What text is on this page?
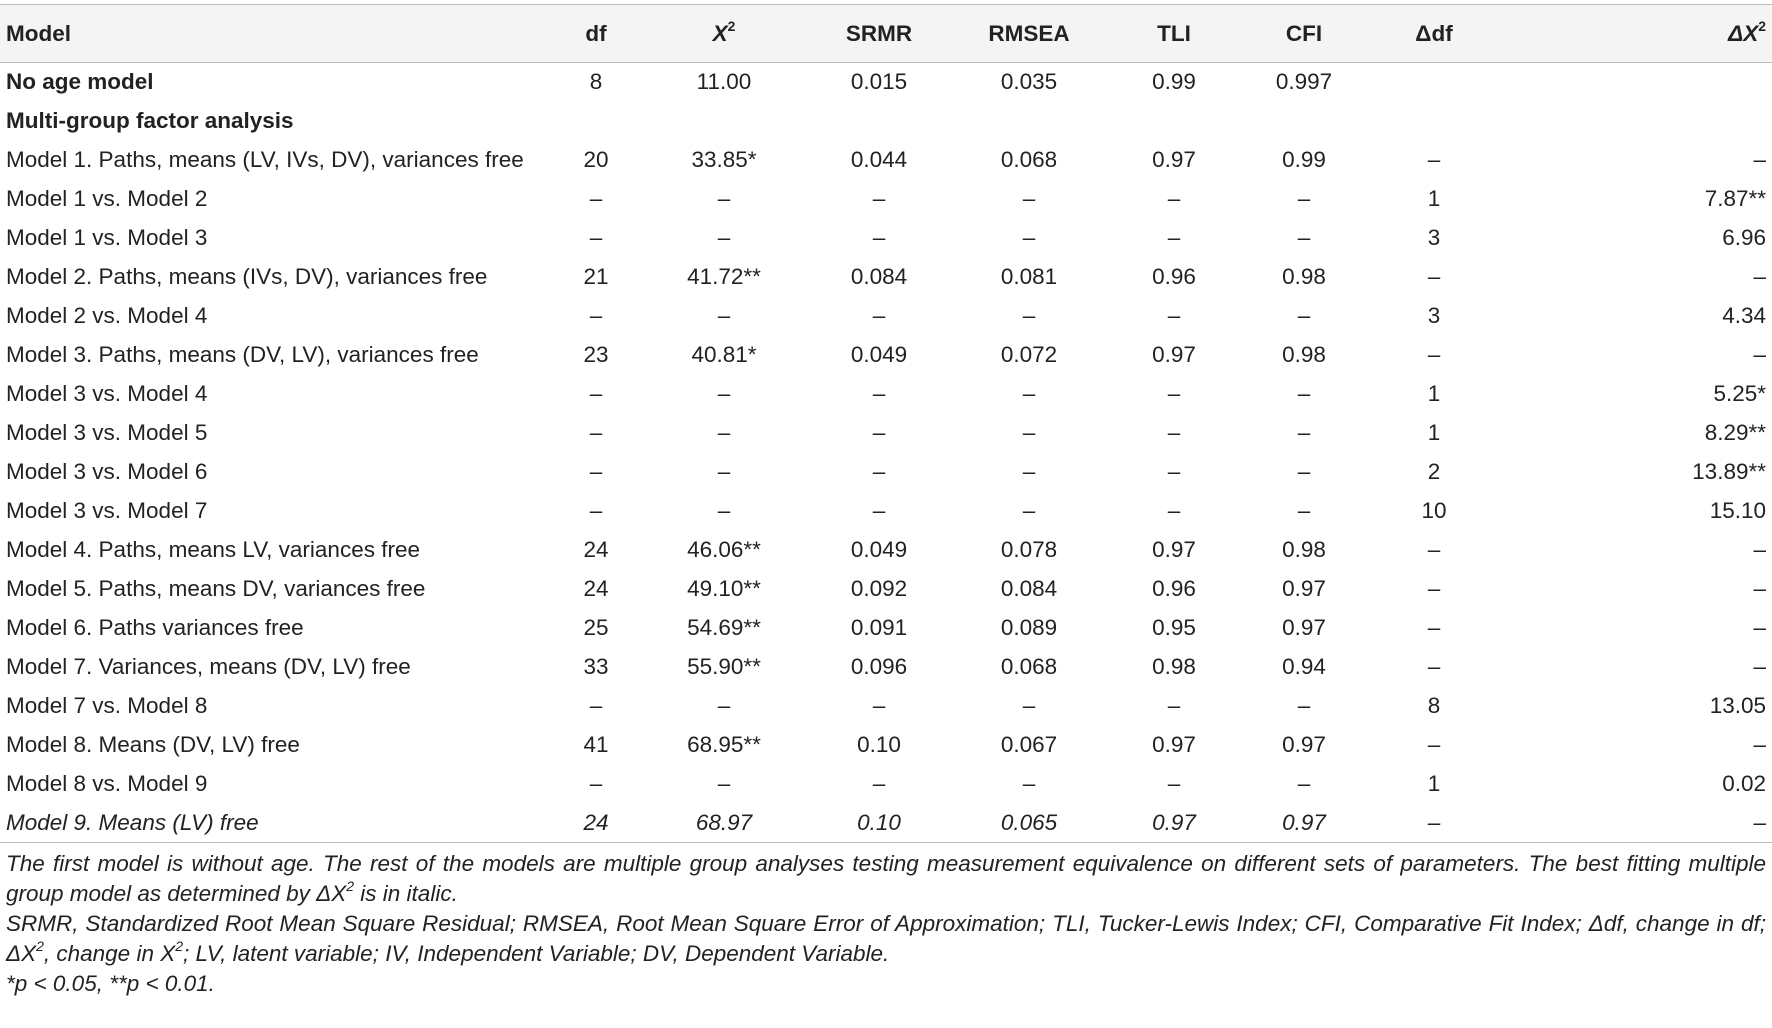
Model	df	$X^2$	SRMR	RMSEA	TLI	CFI	Δdf	$\Delta X^2$
No age model	8	11.00	0.015	0.035	0.99	0.997		
Multi-group factor analysis								
Model 1. Paths, means (LV, IVs, DV), variances free	20	33.85*	0.044	0.068	0.97	0.99	–	–
Model 1 vs. Model 2	–	–	–	–	–	–	1	7.87**
Model 1 vs. Model 3	–	–	–	–	–	–	3	6.96
Model 2. Paths, means (IVs, DV), variances free	21	41.72**	0.084	0.081	0.96	0.98	–	–
Model 2 vs. Model 4	–	–	–	–	–	–	3	4.34
Model 3. Paths, means (DV, LV), variances free	23	40.81*	0.049	0.072	0.97	0.98	–	–
Model 3 vs. Model 4	–	–	–	–	–	–	1	5.25*
Model 3 vs. Model 5	–	–	–	–	–	–	1	8.29**
Model 3 vs. Model 6	–	–	–	–	–	–	2	13.89**
Model 3 vs. Model 7	–	–	–	–	–	–	10	15.10
Model 4. Paths, means LV, variances free	24	46.06**	0.049	0.078	0.97	0.98	–	–
Model 5. Paths, means DV, variances free	24	49.10**	0.092	0.084	0.96	0.97	–	–
Model 6. Paths variances free	25	54.69**	0.091	0.089	0.95	0.97	–	–
Model 7. Variances, means (DV, LV) free	33	55.90**	0.096	0.068	0.98	0.94	–	–
Model 7 vs. Model 8	–	–	–	–	–	–	8	13.05
Model 8. Means (DV, LV) free	41	68.95**	0.10	0.067	0.97	0.97	–	–
Model 8 vs. Model 9	–	–	–	–	–	–	1	0.02
Model 9. Means (LV) free	24	68.97	0.10	0.065	0.97	0.97	–	–

The first model is without age. The rest of the models are multiple group analyses testing measurement equivalence on different sets of parameters. The best fitting multiple group model as determined by $\Delta X^2$ is in italic.

SRMR, Standardized Root Mean Square Residual; RMSEA, Root Mean Square Error of Approximation; TLI, Tucker-Lewis Index; CFI, Comparative Fit Index; Δdf, change in df; $\Delta X^2$, change in $X^2$; LV, latent variable; IV, Independent Variable; DV, Dependent Variable.

*p < 0.05, **p < 0.01.
